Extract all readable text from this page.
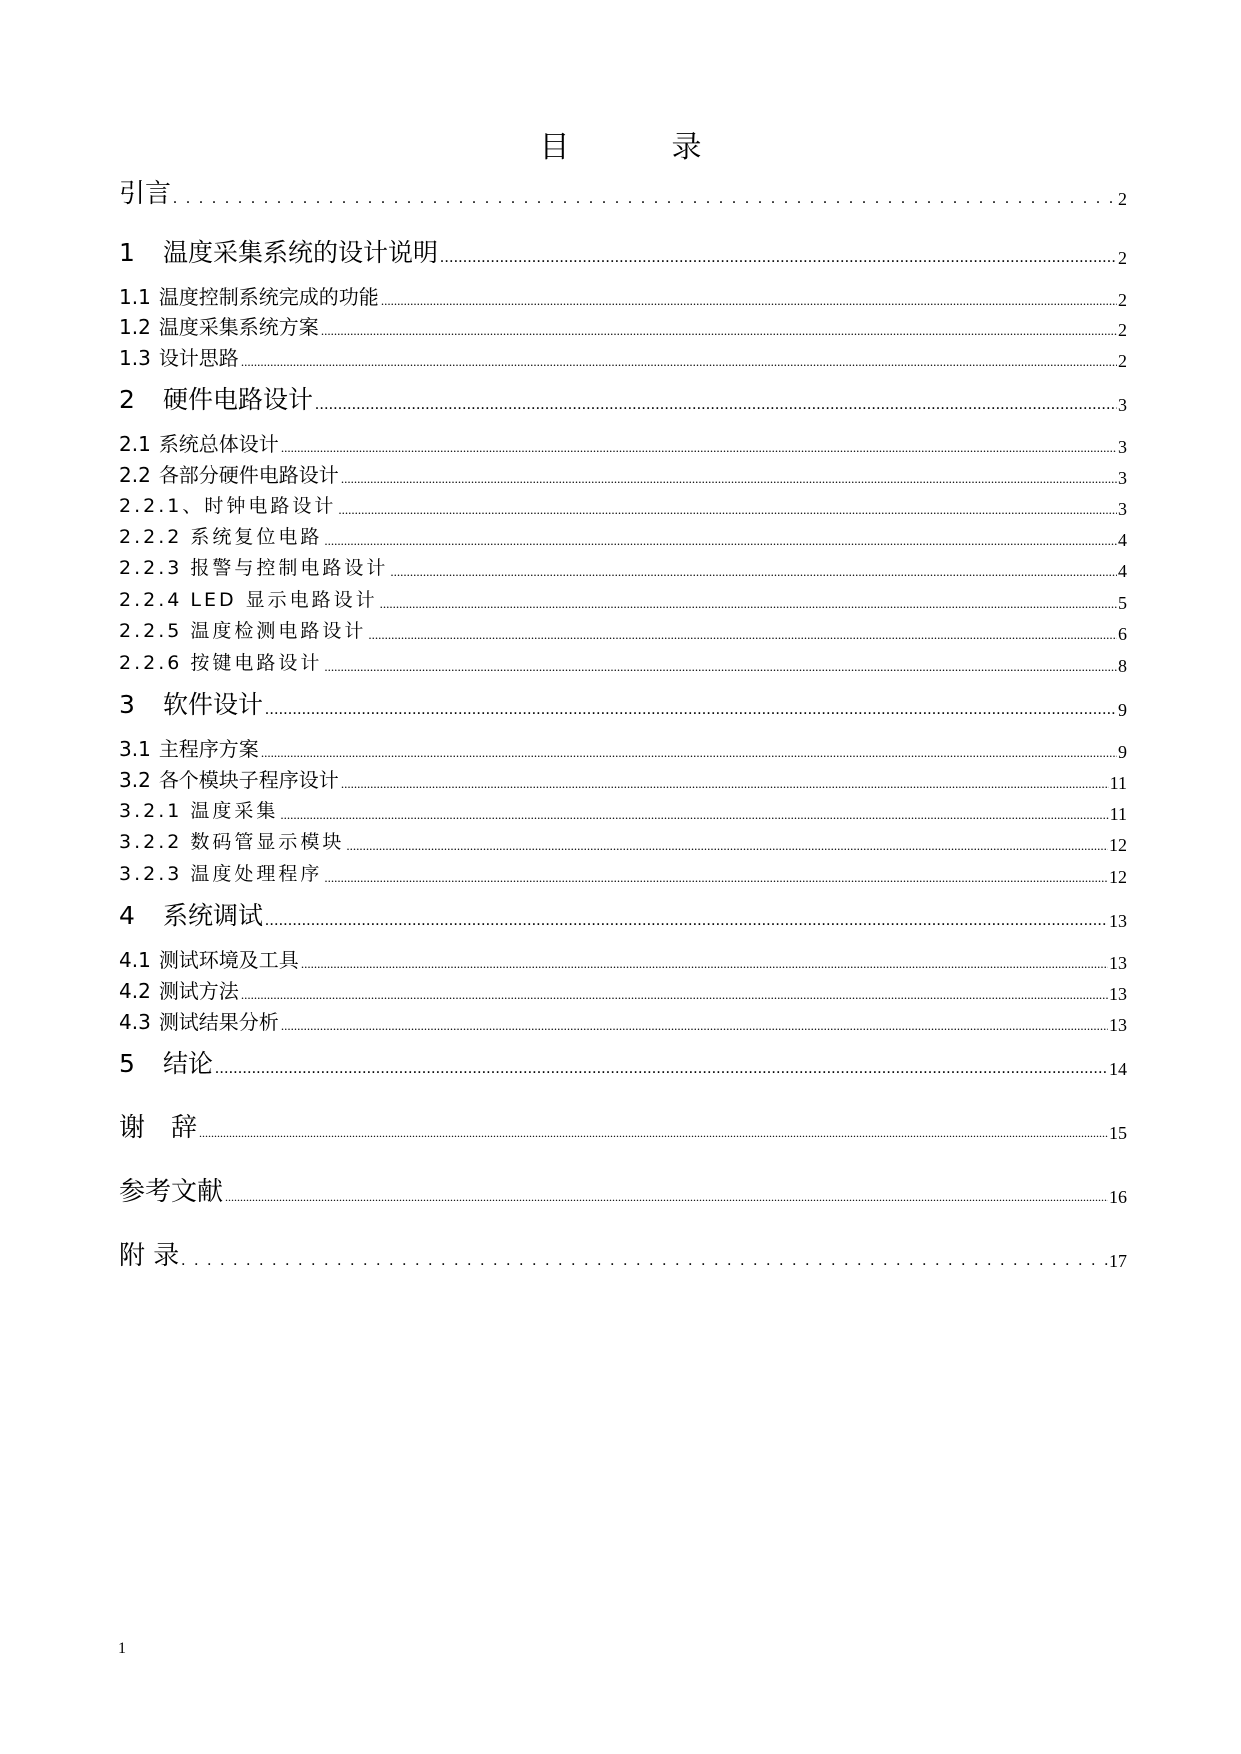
目　录
引言 .....	2
1 温度采集系统的设计说明 .....	2
1.1 温度控制系统完成的功能 .....	2
1.2 温度采集系统方案 .....	2
1.3 设计思路 .....	2
2 硬件电路设计 .....	3
2.1 系统总体设计 .....	3
2.2 各部分硬件电路设计 .....	3
2.2.1、时钟电路设计 .....	3
2.2.2 系统复位电路 .....	4
2.2.3 报警与控制电路设计 .....	4
2.2.4 LED 显示电路设计 .....	5
2.2.5 温度检测电路设计 .....	6
2.2.6 按键电路设计 .....	8
3 软件设计 .....	9
3.1 主程序方案 .....	9
3.2 各个模块子程序设计 .....	11
3.2.1 温度采集 .....	11
3.2.2 数码管显示模块 .....	12
3.2.3 温度处理程序 .....	12
4 系统调试 .....	13
4.1 测试环境及工具 .....	13
4.2 测试方法 .....	13
4.3 测试结果分析 .....	13
5 结论 .....	14
谢　辞 .....	15
参考文献 .....	16
附 录 .....	17
1
